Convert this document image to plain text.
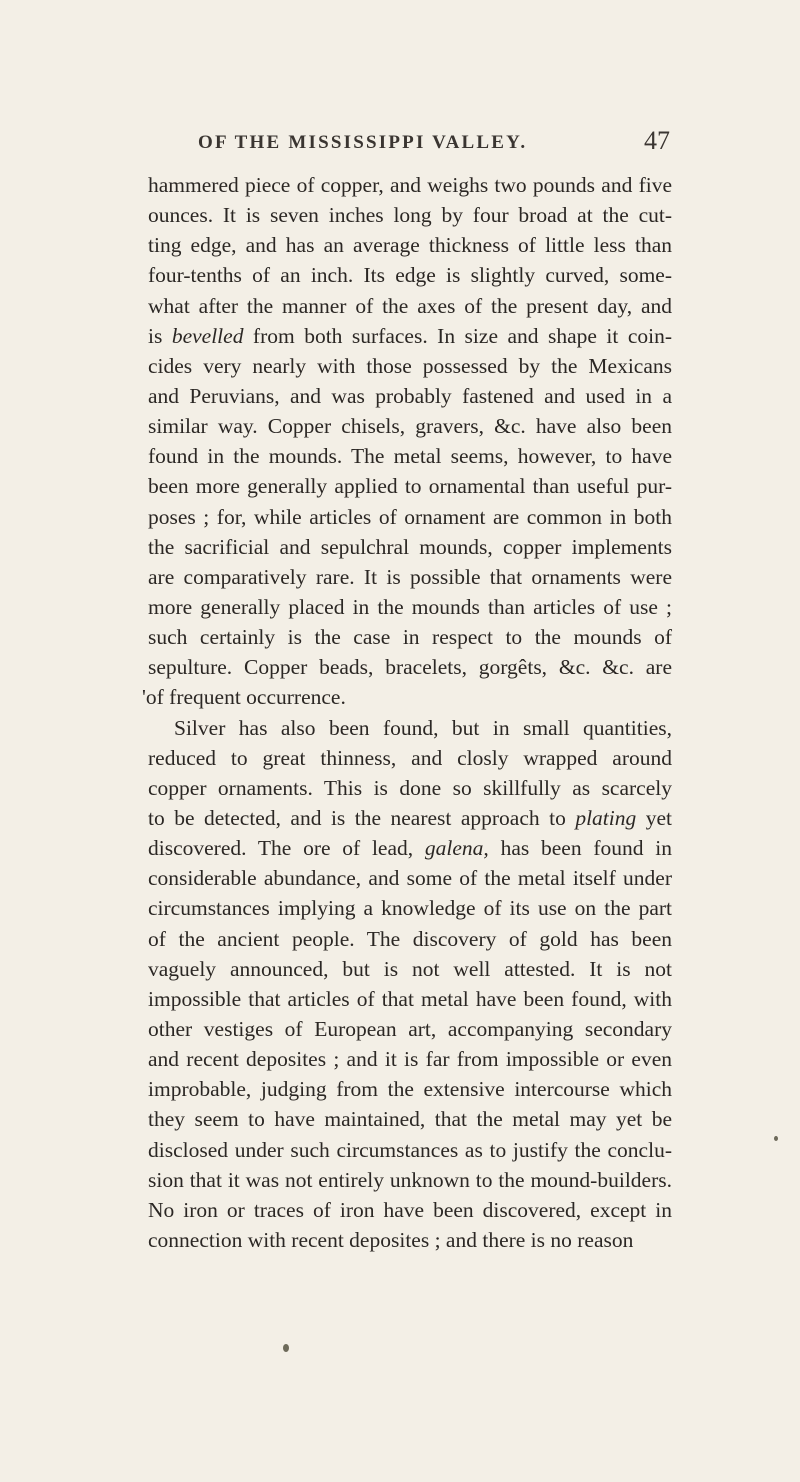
OF THE MISSISSIPPI VALLEY.	47
hammered piece of copper, and weighs two pounds and five
ounces. It is seven inches long by four broad at the cut-
ting edge, and has an average thickness of little less than
four-tenths of an inch. Its edge is slightly curved, some-
what after the manner of the axes of the present day, and
is bevelled from both surfaces. In size and shape it coin-
cides very nearly with those possessed by the Mexicans
and Peruvians, and was probably fastened and used in a
similar way. Copper chisels, gravers, &c. have also been
found in the mounds. The metal seems, however, to have
been more generally applied to ornamental than useful pur-
poses ; for, while articles of ornament are common in both
the sacrificial and sepulchral mounds, copper implements
are comparatively rare. It is possible that ornaments were
more generally placed in the mounds than articles of use ;
such certainly is the case in respect to the mounds of
sepulture. Copper beads, bracelets, gorgêts, &c. &c. are
'of frequent occurrence.
Silver has also been found, but in small quantities,
reduced to great thinness, and closly wrapped around
copper ornaments. This is done so skillfully as scarcely
to be detected, and is the nearest approach to plating yet
discovered. The ore of lead, galena, has been found in
considerable abundance, and some of the metal itself under
circumstances implying a knowledge of its use on the part
of the ancient people. The discovery of gold has been
vaguely announced, but is not well attested. It is not
impossible that articles of that metal have been found, with
other vestiges of European art, accompanying secondary
and recent deposites ; and it is far from impossible or even
improbable, judging from the extensive intercourse which
they seem to have maintained, that the metal may yet be
disclosed under such circumstances as to justify the conclu-
sion that it was not entirely unknown to the mound-builders.
No iron or traces of iron have been discovered, except in
connection with recent deposites ; and there is no reason
